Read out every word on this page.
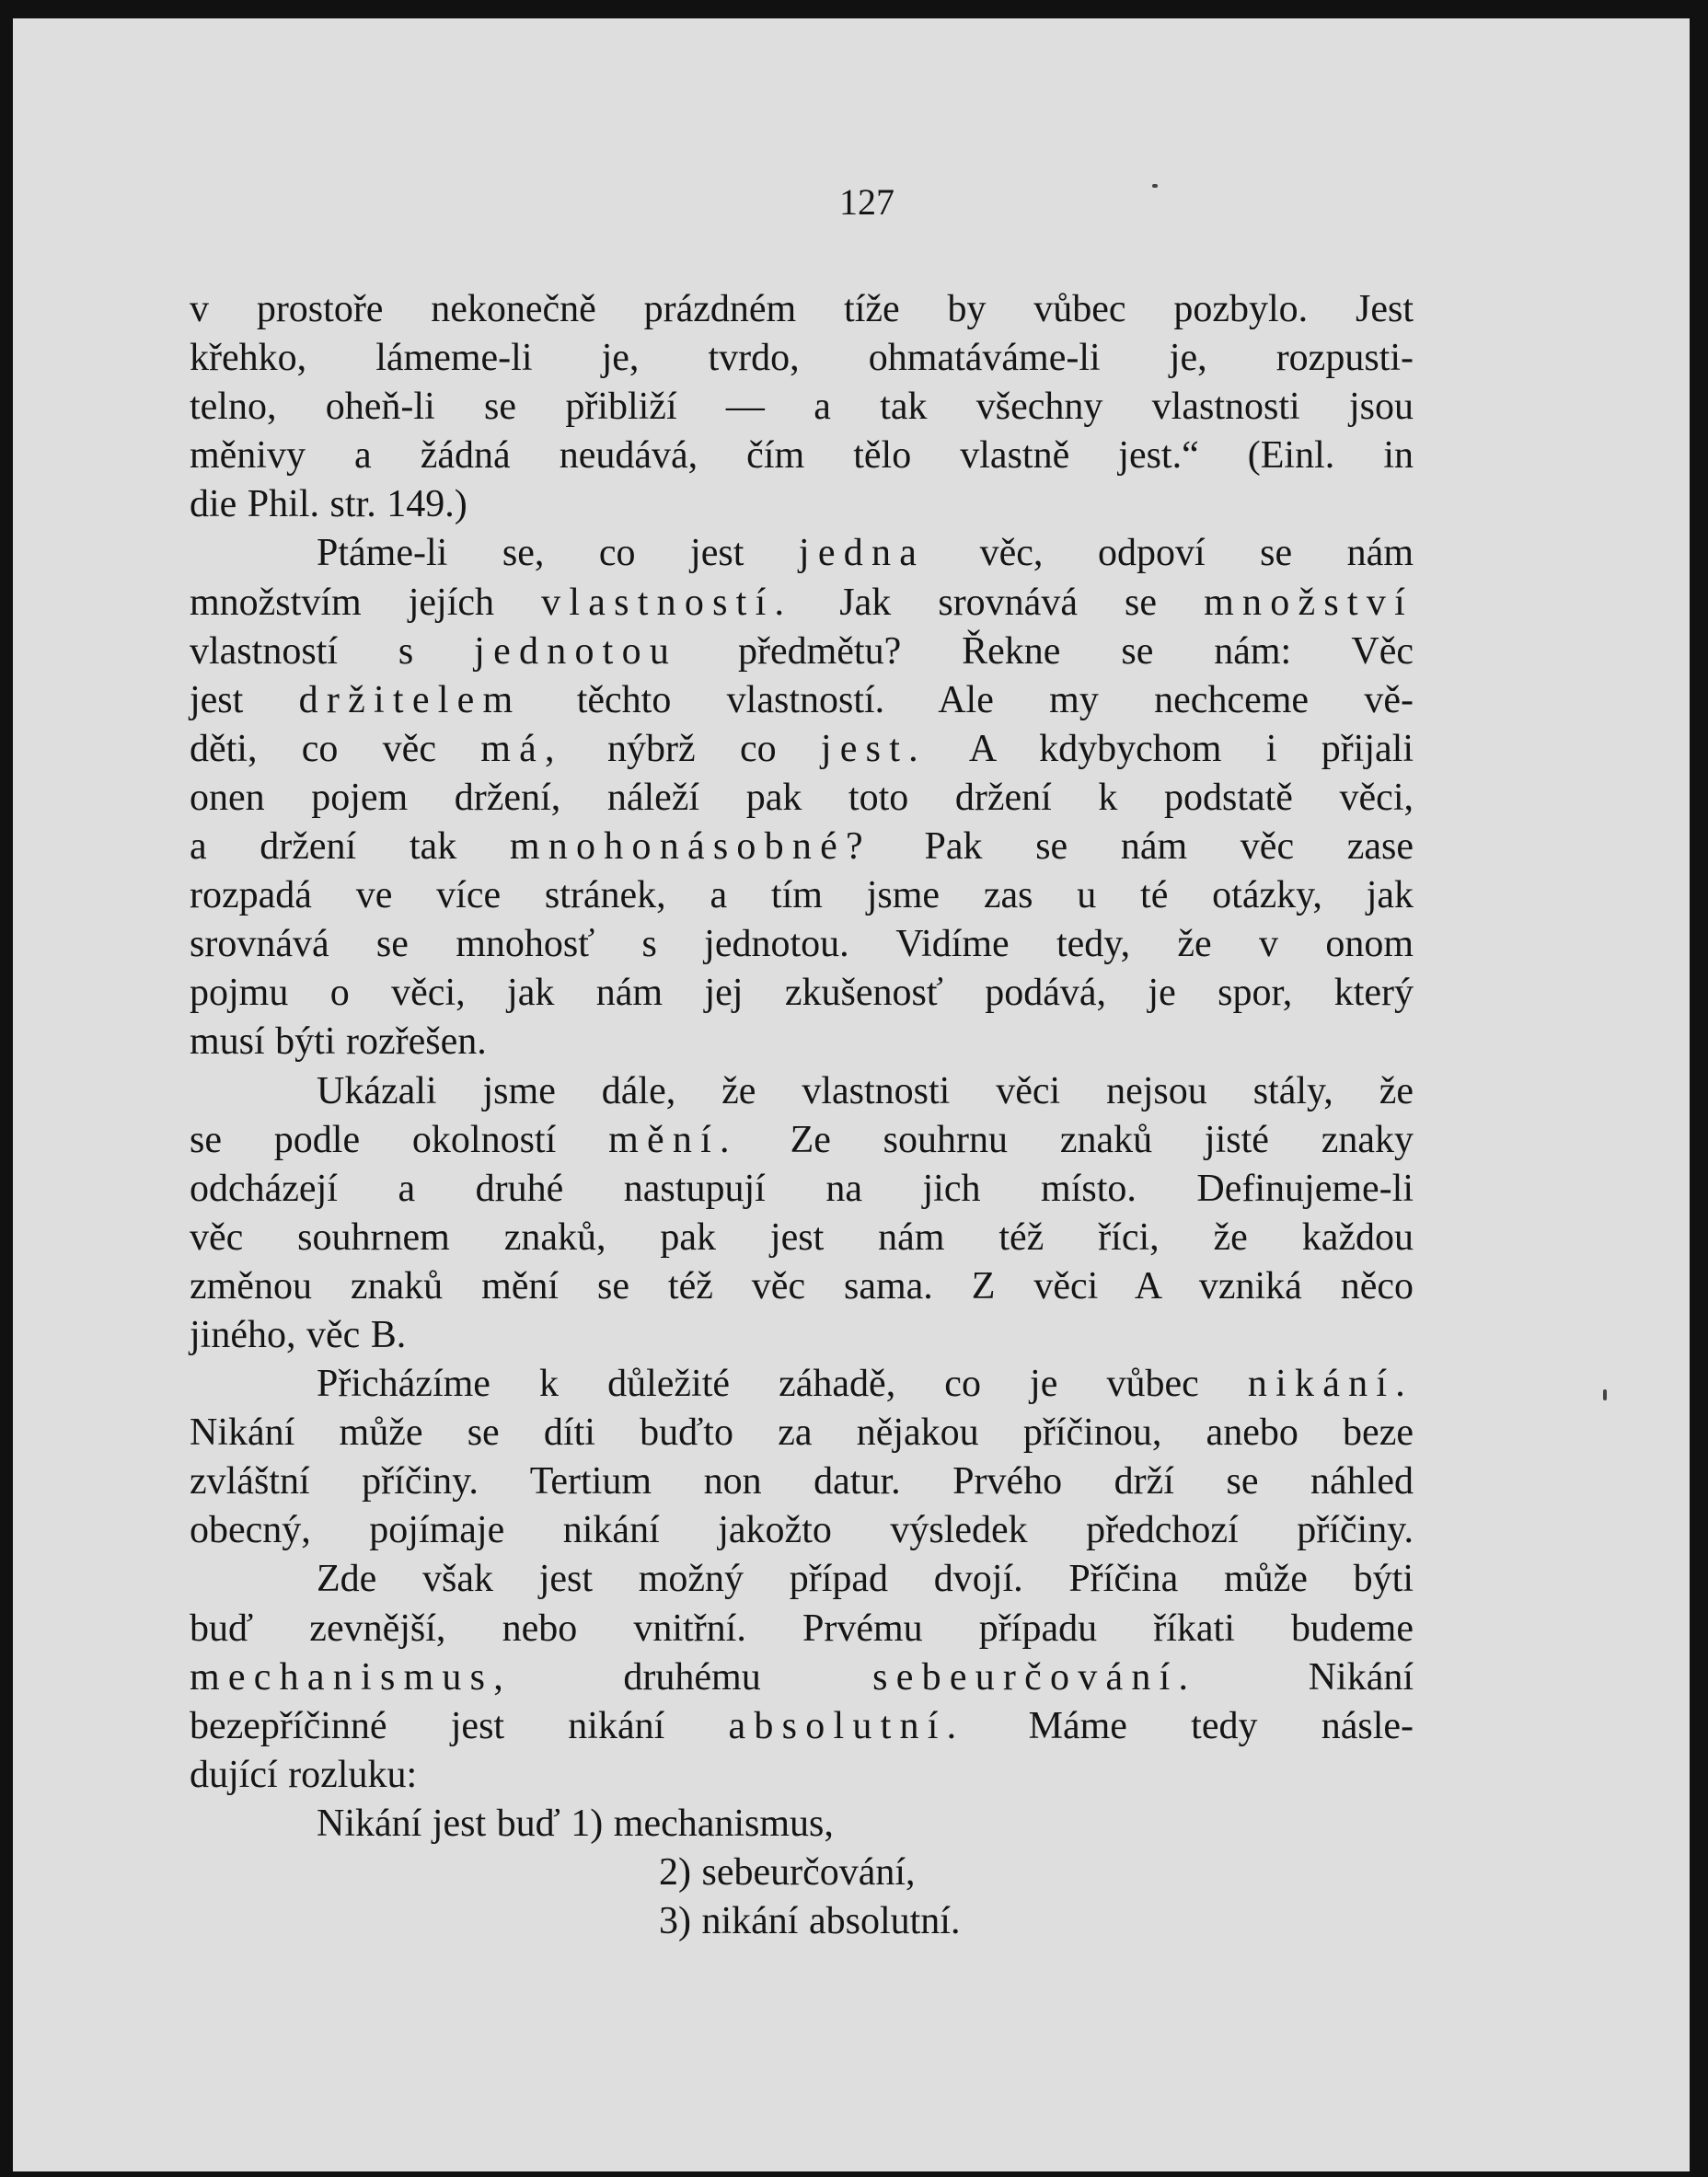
127
v prostoře nekonečně prázdném tíže by vůbec pozbylo. Jest
křehko, lámeme-li je, tvrdo, ohmatáváme-li je, rozpusti-
telno, oheň-li se přibliží — a tak všechny vlastnosti jsou
měnivy a žádná neudává, čím tělo vlastně jest.“ (Einl. in
die Phil. str. 149.)
Ptáme-li se, co jest jedna věc, odpoví se nám
množstvím jejích vlastností. Jak srovnává se množství
vlastností s jednotou předmětu? Řekne se nám: Věc
jest držitelem těchto vlastností. Ale my nechceme vě-
děti, co věc má, nýbrž co jest. A kdybychom i přijali
onen pojem držení, náleží pak toto držení k podstatě věci,
a držení tak mnohonásobné? Pak se nám věc zase
rozpadá ve více stránek, a tím jsme zas u té otázky, jak
srovnává se mnohosť s jednotou. Vidíme tedy, že v onom
pojmu o věci, jak nám jej zkušenosť podává, je spor, který
musí býti rozřešen.
Ukázali jsme dále, že vlastnosti věci nejsou stály, že
se podle okolností mění. Ze souhrnu znaků jisté znaky
odcházejí a druhé nastupují na jich místo. Definujeme-li
věc souhrnem znaků, pak jest nám též říci, že každou
změnou znaků mění se též věc sama. Z věci A vzniká něco
jiného, věc B.
Přicházíme k důležité záhadě, co je vůbec nikání.
Nikání může se díti buďto za nějakou příčinou, anebo beze
zvláštní příčiny. Tertium non datur. Prvého drží se náhled
obecný, pojímaje nikání jakožto výsledek předchozí příčiny.
Zde však jest možný případ dvojí. Příčina může býti
buď zevnější, nebo vnitřní. Prvému případu říkati budeme
mechanismus, druhému sebeurčování. Nikání
bezepříčinné jest nikání absolutní. Máme tedy násle-
dující rozluku:
Nikání jest buď 1) mechanismus,
2) sebeurčování,
3) nikání absolutní.
